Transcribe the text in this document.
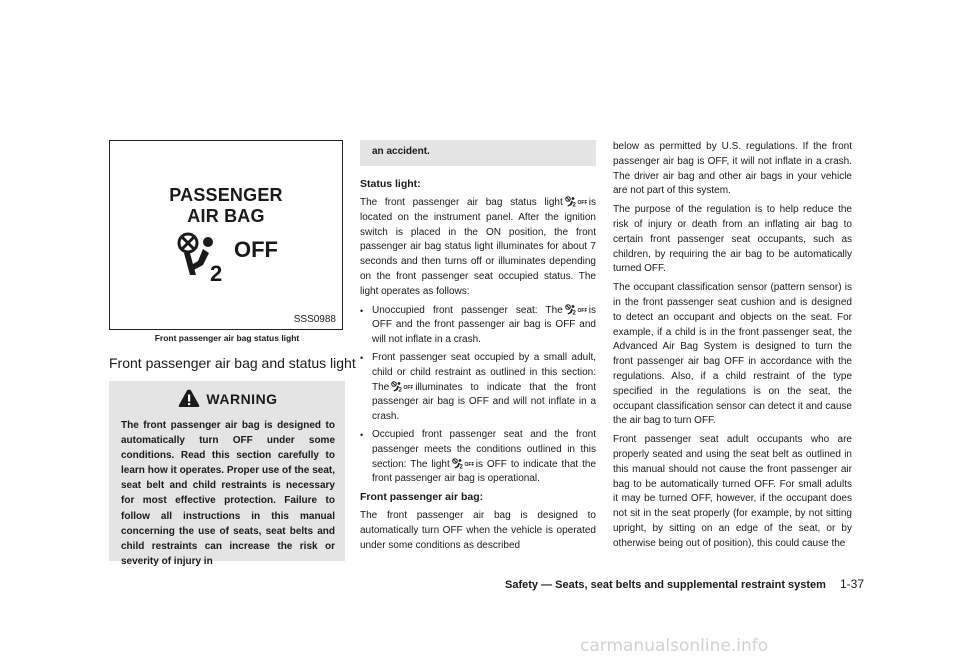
PASSENGER
AIR BAG
2
OFF
SSS0988
Front passenger air bag status light
Front passenger air bag and status light
WARNING
The front passenger air bag is designed to automatically turn OFF under some conditions. Read this section carefully to learn how it operates. Proper use of the seat, seat belt and child restraints is necessary for most effective protection. Failure to follow all instructions in this manual concerning the use of seats, seat belts and child restraints can increase the risk or severity of injury in
an accident.
Status light:

The front passenger air bag status light 2 OFF is located on the instrument panel. After the ignition switch is placed in the ON position, the front passenger air bag status light illuminates for about 7 seconds and then turns off or illuminates depending on the front passenger seat occupied status. The light operates as follows:

• Unoccupied front passenger seat: The 2 OFF is OFF and the front passenger air bag is OFF and will not inflate in a crash.
• Front passenger seat occupied by a small adult, child or child restraint as outlined in this section: The 2 OFF illuminates to indicate that the front passenger air bag is OFF and will not inflate in a crash.
• Occupied front passenger seat and the front passenger meets the conditions outlined in this section: The light 2 OFF is OFF to indicate that the front passenger air bag is operational.
Front passenger air bag:

The front passenger air bag is designed to automatically turn OFF when the vehicle is operated under some conditions as described

below as permitted by U.S. regulations. If the front passenger air bag is OFF, it will not inflate in a crash. The driver air bag and other air bags in your vehicle are not part of this system.

The purpose of the regulation is to help reduce the risk of injury or death from an inflating air bag to certain front passenger seat occupants, such as children, by requiring the air bag to be automatically turned OFF.

The occupant classification sensor (pattern sensor) is in the front passenger seat cushion and is designed to detect an occupant and objects on the seat. For example, if a child is in the front passenger seat, the Advanced Air Bag System is designed to turn the front passenger air bag OFF in accordance with the regulations. Also, if a child restraint of the type specified in the regulations is on the seat, the occupant classification sensor can detect it and cause the air bag to turn OFF.

Front passenger seat adult occupants who are properly seated and using the seat belt as outlined in this manual should not cause the front passenger air bag to be automatically turned OFF. For small adults it may be turned OFF, however, if the occupant does not sit in the seat properly (for example, by not sitting upright, by sitting on an edge of the seat, or by otherwise being out of position), this could cause the

Safety — Seats, seat belts and supplemental restraint system 1-37
carmanualsonline.info
